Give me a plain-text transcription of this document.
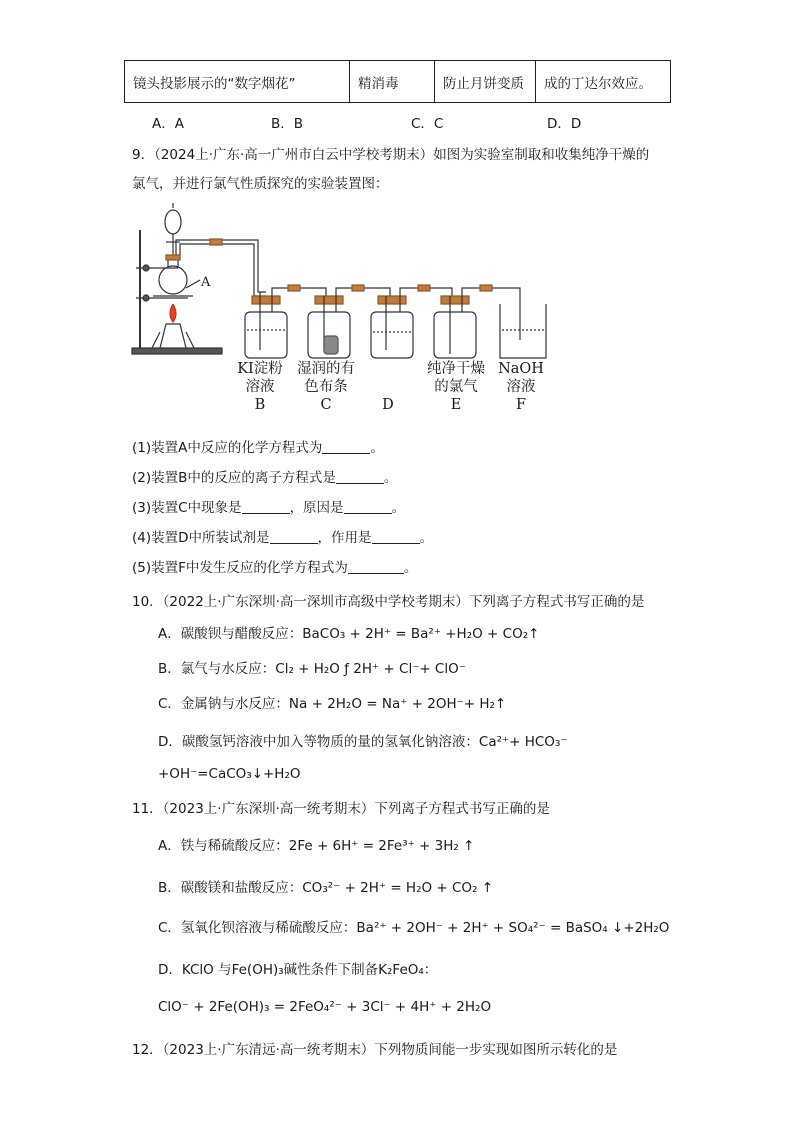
镜头投影展示的“数字烟花”	精消毒	防止月饼变质	成的丁达尔效应。
A．A	B．B	C．C	D．D
9．（2024上·广东·高一广州市白云中学校考期末）如图为实验室制取和收集纯净干燥的
氯气，并进行氯气性质探究的实验装置图：
A
KI淀粉
溶液
B
湿润的有
色布条
C	D
纯净干燥
的氯气
E
NaOH
溶液
F
(1)装置A中反应的化学方程式为	。
(2)装置B中的反应的离子方程式是	。
(3)装置C中现象是	，原因是	。
(4)装置D中所装试剂是	，作用是	。
(5)装置F中发生反应的化学方程式为	。
10．（2022上·广东深圳·高一深圳市高级中学校考期末）下列离子方程式书写正确的是
A．碳酸钡与醋酸反应：BaCO₃ + 2H⁺ = Ba²⁺ +H₂O + CO₂↑
B．氯气与水反应：Cl₂ + H₂O ƒ 2H⁺ + Cl⁻+ ClO⁻
C．金属钠与水反应：Na + 2H₂O = Na⁺ + 2OH⁻+ H₂↑
D．碳酸氢钙溶液中加入等物质的量的氢氧化钠溶液：Ca²⁺+ HCO₃⁻
+OH⁻=CaCO₃↓+H₂O
11．（2023上·广东深圳·高一统考期末）下列离子方程式书写正确的是
A．铁与稀硫酸反应：2Fe + 6H⁺ = 2Fe³⁺ + 3H₂ ↑
B．碳酸镁和盐酸反应：CO₃²⁻ + 2H⁺ = H₂O + CO₂ ↑
C．氢氧化钡溶液与稀硫酸反应：Ba²⁺ + 2OH⁻ + 2H⁺ + SO₄²⁻ = BaSO₄ ↓+2H₂O
D．KClO 与Fe(OH)₃碱性条件下制备K₂FeO₄：
ClO⁻ + 2Fe(OH)₃ = 2FeO₄²⁻ + 3Cl⁻ + 4H⁺ + 2H₂O
12．（2023上·广东清远·高一统考期末）下列物质间能一步实现如图所示转化的是
